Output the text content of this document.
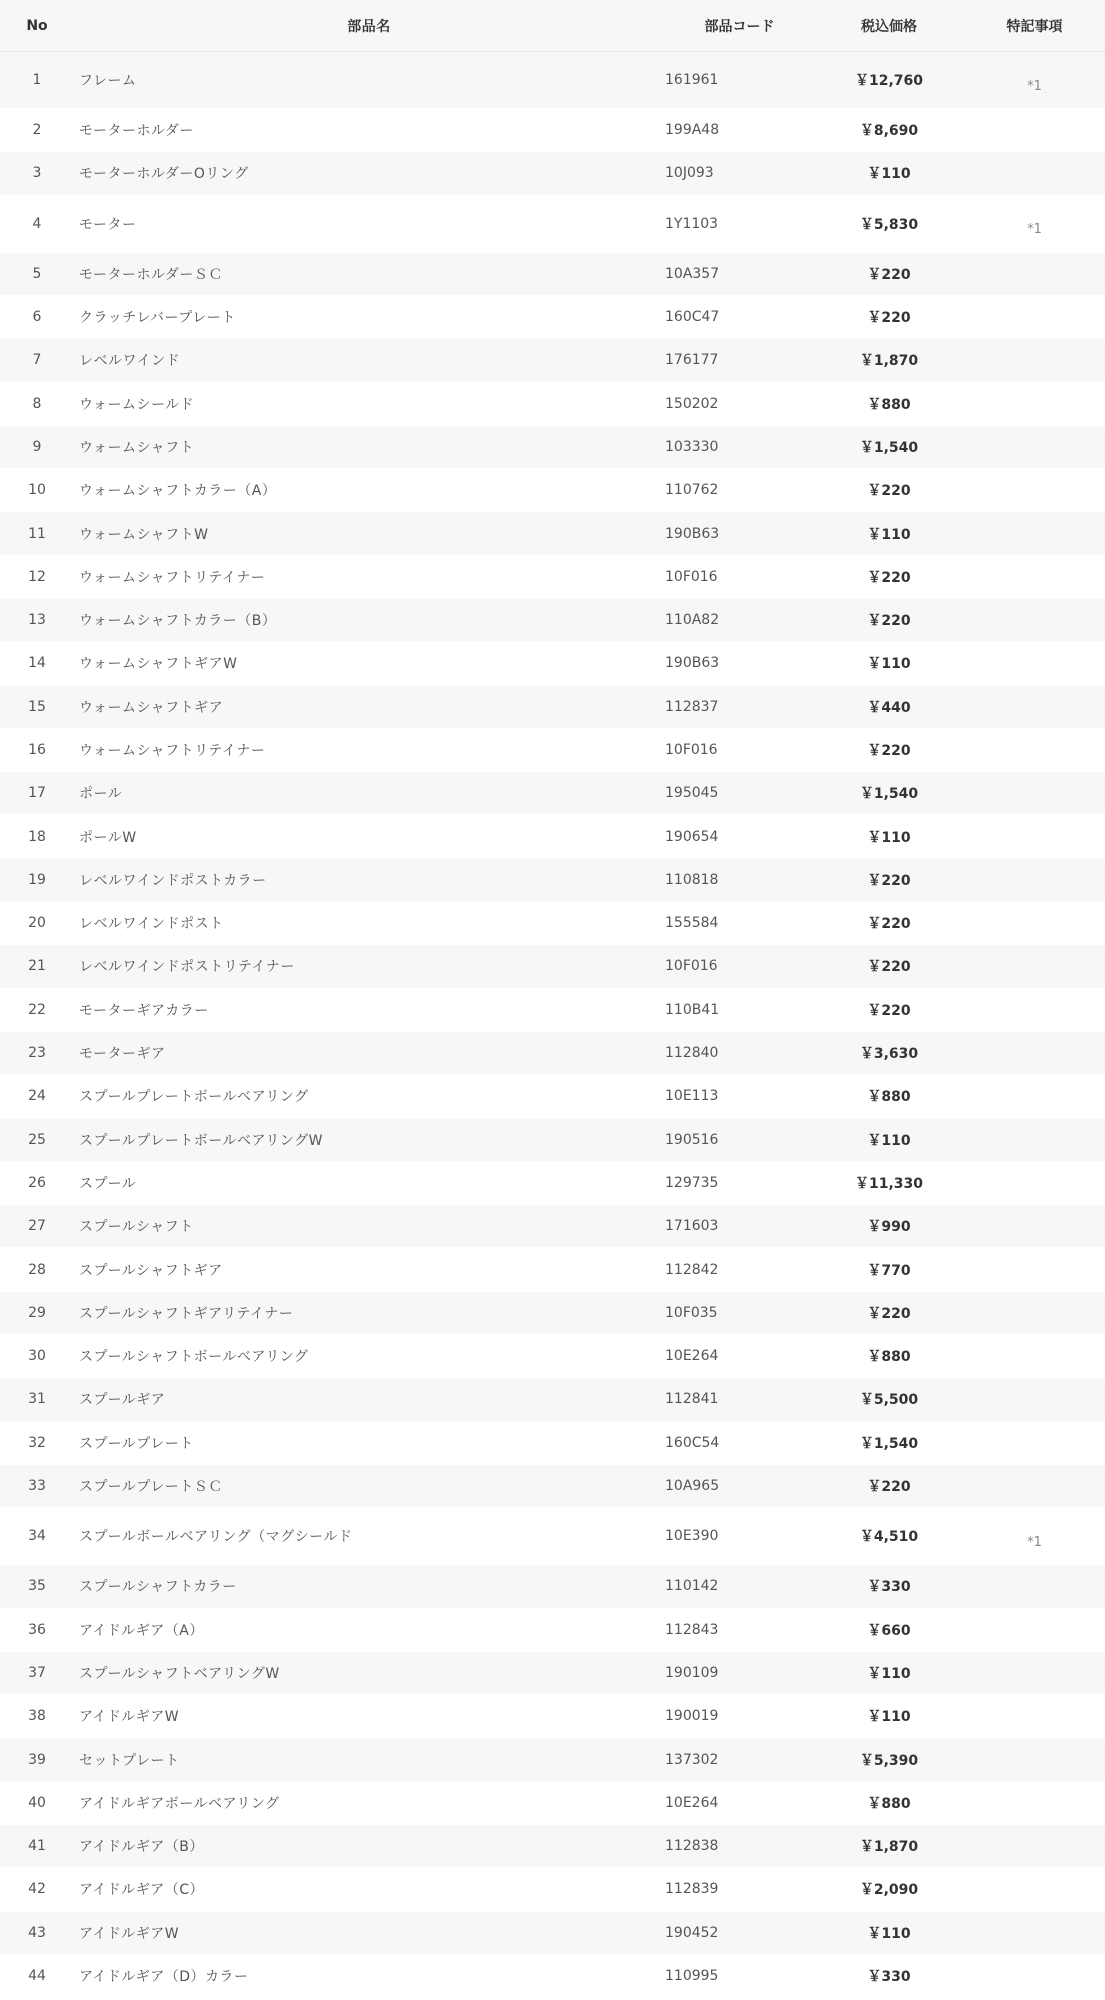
No	部品名	部品コード	税込価格	特記事項
1	フレーム	161961	￥12,760	*1
2	モーターホルダー	199A48	￥8,690
3	モーターホルダーOリング	10J093	￥110
4	モーター	1Y1103	￥5,830	*1
5	モーターホルダーＳＣ	10A357	￥220
6	クラッチレバープレート	160C47	￥220
7	レベルワインド	176177	￥1,870
8	ウォームシールド	150202	￥880
9	ウォームシャフト	103330	￥1,540
10	ウォームシャフトカラー（A）	110762	￥220
11	ウォームシャフトW	190B63	￥110
12	ウォームシャフトリテイナー	10F016	￥220
13	ウォームシャフトカラー（B）	110A82	￥220
14	ウォームシャフトギアW	190B63	￥110
15	ウォームシャフトギア	112837	￥440
16	ウォームシャフトリテイナー	10F016	￥220
17	ポール	195045	￥1,540
18	ポールW	190654	￥110
19	レベルワインドポストカラー	110818	￥220
20	レベルワインドポスト	155584	￥220
21	レベルワインドポストリテイナー	10F016	￥220
22	モーターギアカラー	110B41	￥220
23	モーターギア	112840	￥3,630
24	スプールプレートボールベアリング	10E113	￥880
25	スプールプレートボールベアリングW	190516	￥110
26	スプール	129735	￥11,330
27	スプールシャフト	171603	￥990
28	スプールシャフトギア	112842	￥770
29	スプールシャフトギアリテイナー	10F035	￥220
30	スプールシャフトボールベアリング	10E264	￥880
31	スプールギア	112841	￥5,500
32	スプールプレート	160C54	￥1,540
33	スプールプレートＳＣ	10A965	￥220
34	スプールボールベアリング（マグシールド	10E390	￥4,510	*1
35	スプールシャフトカラー	110142	￥330
36	アイドルギア（A）	112843	￥660
37	スプールシャフトベアリングW	190109	￥110
38	アイドルギアW	190019	￥110
39	セットプレート	137302	￥5,390
40	アイドルギアボールベアリング	10E264	￥880
41	アイドルギア（B）	112838	￥1,870
42	アイドルギア（C）	112839	￥2,090
43	アイドルギアW	190452	￥110
44	アイドルギア（D）カラー	110995	￥330
